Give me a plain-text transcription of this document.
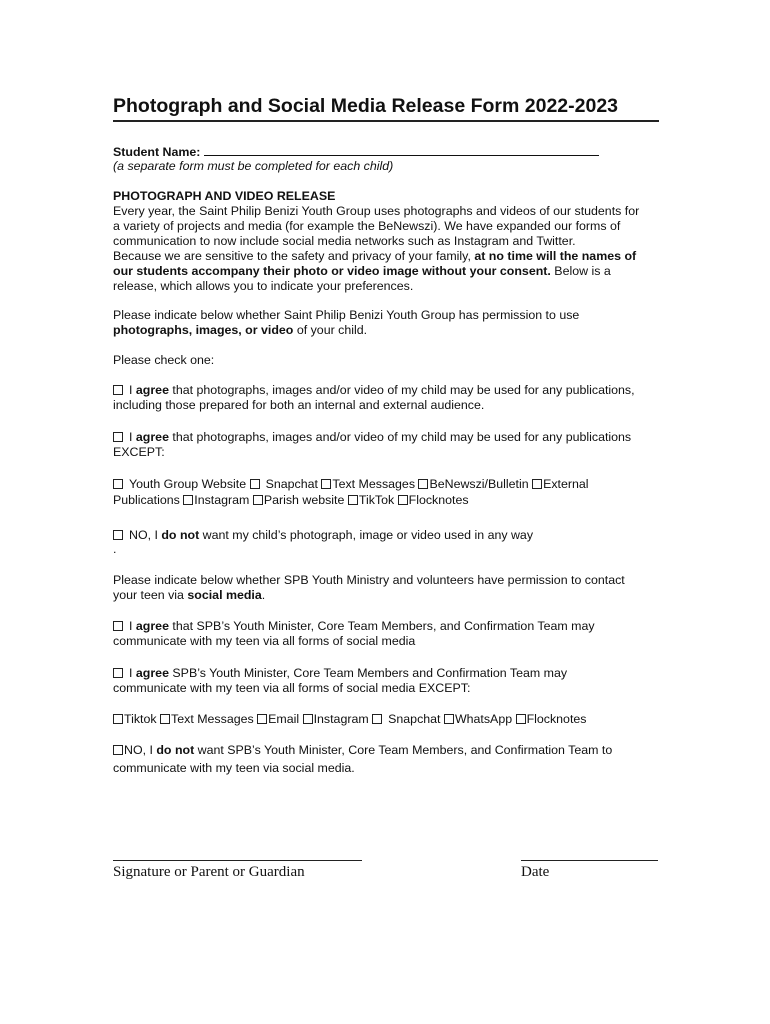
Photograph and Social Media Release Form 2022-2023
Student Name:
(a separate form must be completed for each child)
PHOTOGRAPH AND VIDEO RELEASE
Every year, the Saint Philip Benizi Youth Group uses photographs and videos of our students for
a variety of projects and media (for example the BeNewszi). We have expanded our forms of
communication to now include social media networks such as Instagram and Twitter.
Because we are sensitive to the safety and privacy of your family, at no time will the names of
our students accompany their photo or video image without your consent. Below is a
release, which allows you to indicate your preferences.
Please indicate below whether Saint Philip Benizi Youth Group has permission to use
photographs, images, or video of your child.
Please check one:
I agree that photographs, images and/or video of my child may be used for any publications,
including those prepared for both an internal and external audience.
I agree that photographs, images and/or video of my child may be used for any publications
EXCEPT:
Youth Group Website Snapchat Text Messages BeNewszi/Bulletin External
Publications Instagram Parish website TikTok Flocknotes
NO, I do not want my child’s photograph, image or video used in any way
.
Please indicate below whether SPB Youth Ministry and volunteers have permission to contact
your teen via social media.
I agree that SPB’s Youth Minister, Core Team Members, and Confirmation Team may
communicate with my teen via all forms of social media
I agree SPB’s Youth Minister, Core Team Members and Confirmation Team may
communicate with my teen via all forms of social media EXCEPT:
Tiktok Text Messages Email Instagram Snapchat WhatsApp Flocknotes
NO, I do not want SPB’s Youth Minister, Core Team Members, and Confirmation Team to
communicate with my teen via social media.
Signature or Parent or Guardian	Date
